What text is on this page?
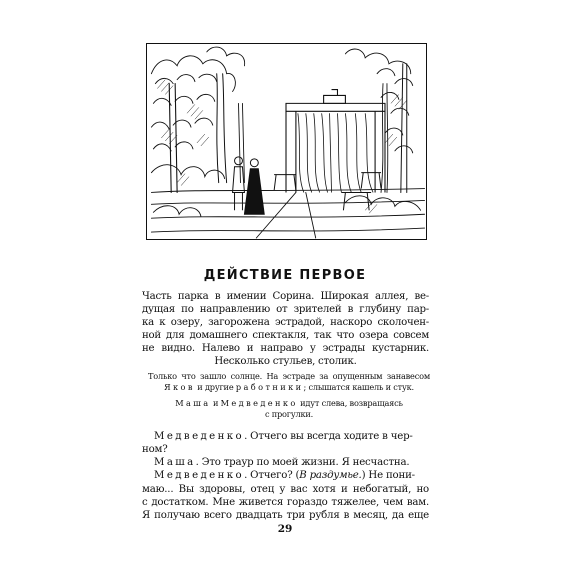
ДЕЙСТВИЕ ПЕРВОЕ
Часть парка в имении Сорина. Широкая аллея, ве-
дущая по направлению от зрителей в глубину пар-
ка к озеру, загорожена эстрадой, наскоро сколочен-
ной для домашнего спектакля, так что озера совсем
не видно. Налево и направо у эстрады кустарник.
Несколько стульев, столик.
Только что зашло солнце. На эстраде за опущенным занавесом
Яков и другие работники; слышатся кашель и стук.
Маша и Медведенко идут слева, возвращаясь
с прогулки.
Медведенко. Отчего вы всегда ходите в чер-
ном?
Маша. Это траур по моей жизни. Я несчастна.
Медведенко. Отчего? (В раздумье.) Не пони-
маю... Вы здоровы, отец у вас хотя и небогатый, но
с достатком. Мне живется гораздо тяжелее, чем вам.
Я получаю всего двадцать три рубля в месяц, да еще
29
